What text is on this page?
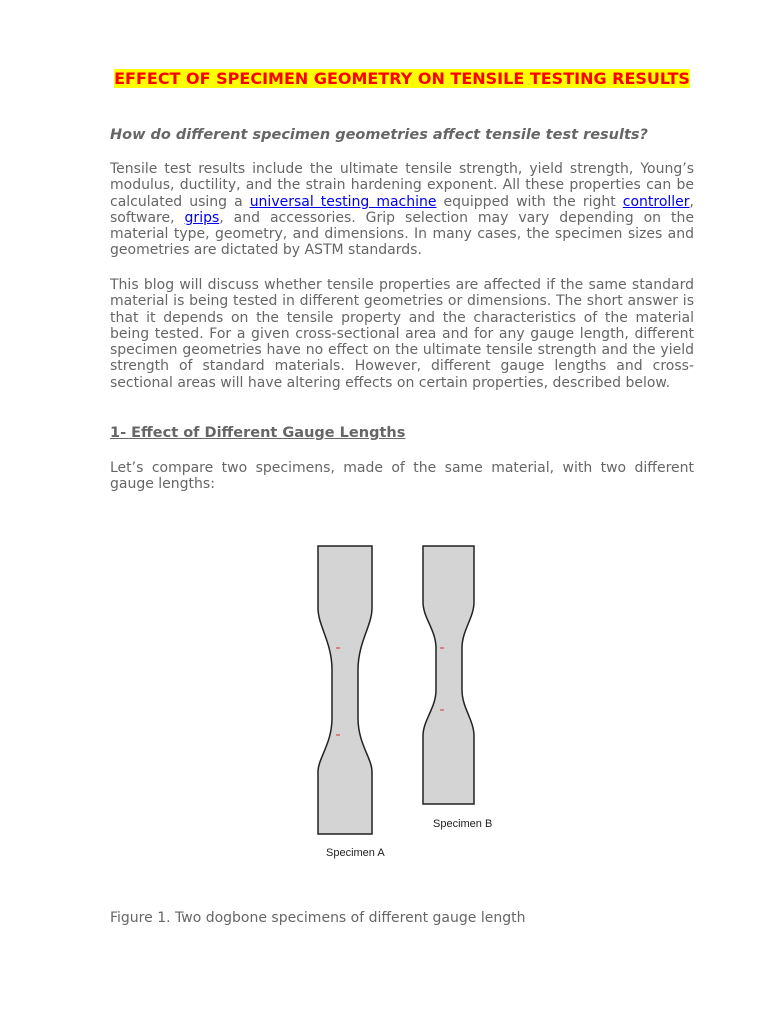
EFFECT OF SPECIMEN GEOMETRY ON TENSILE TESTING RESULTS
How do different specimen geometries affect tensile test results?
Tensile test results include the ultimate tensile strength, yield strength, Young’s modulus, ductility, and the strain hardening exponent. All these properties can be calculated using a universal testing machine equipped with the right controller, software, grips, and accessories. Grip selection may vary depending on the material type, geometry, and dimensions. In many cases, the specimen sizes and geometries are dictated by ASTM standards.
This blog will discuss whether tensile properties are affected if the same standard material is being tested in different geometries or dimensions. The short answer is that it depends on the tensile property and the characteristics of the material being tested. For a given cross-sectional area and for any gauge length, different specimen geometries have no effect on the ultimate tensile strength and the yield strength of standard materials. However, different gauge lengths and cross-sectional areas will have altering effects on certain properties, described below.
1- Effect of Different Gauge Lengths
Let’s compare two specimens, made of the same material, with two different gauge lengths:
Specimen A
Specimen B
Figure 1. Two dogbone specimens of different gauge length
